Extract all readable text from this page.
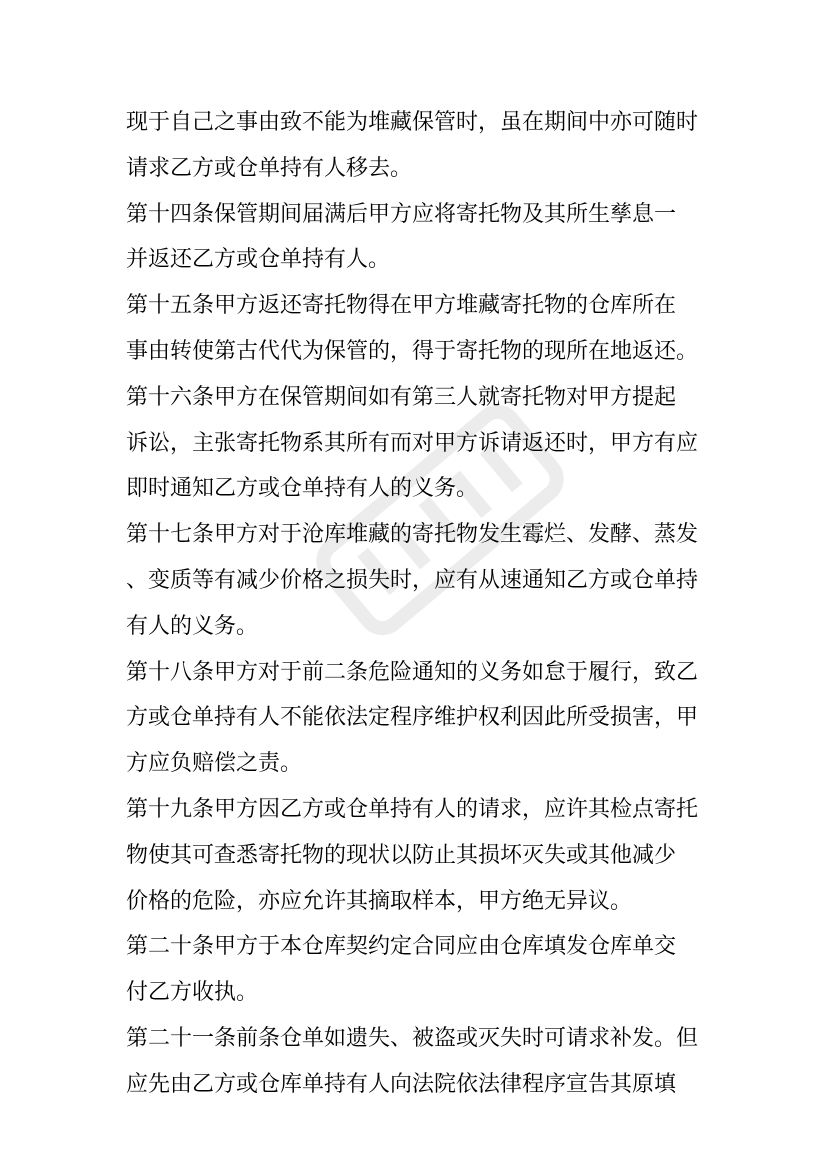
现于自己之事由致不能为堆藏保管时，虽在期间中亦可随时
请求乙方或仓单持有人移去。
第十四条保管期间届满后甲方应将寄托物及其所生孳息一
并返还乙方或仓单持有人。
第十五条甲方返还寄托物得在甲方堆藏寄托物的仓库所在
事由转使第古代代为保管的，得于寄托物的现所在地返还。
第十六条甲方在保管期间如有第三人就寄托物对甲方提起
诉讼，主张寄托物系其所有而对甲方诉请返还时，甲方有应
即时通知乙方或仓单持有人的义务。
第十七条甲方对于沧库堆藏的寄托物发生霉烂、发酵、蒸发
、变质等有减少价格之损失时，应有从速通知乙方或仓单持
有人的义务。
第十八条甲方对于前二条危险通知的义务如怠于履行，致乙
方或仓单持有人不能依法定程序维护权利因此所受损害，甲
方应负赔偿之责。
第十九条甲方因乙方或仓单持有人的请求，应许其检点寄托
物使其可查悉寄托物的现状以防止其损坏灭失或其他减少
价格的危险，亦应允许其摘取样本，甲方绝无异议。
第二十条甲方于本仓库契约定合同应由仓库填发仓库单交
付乙方收执。
第二十一条前条仓单如遗失、被盗或灭失时可请求补发。但
应先由乙方或仓库单持有人向法院依法律程序宣告其原填
